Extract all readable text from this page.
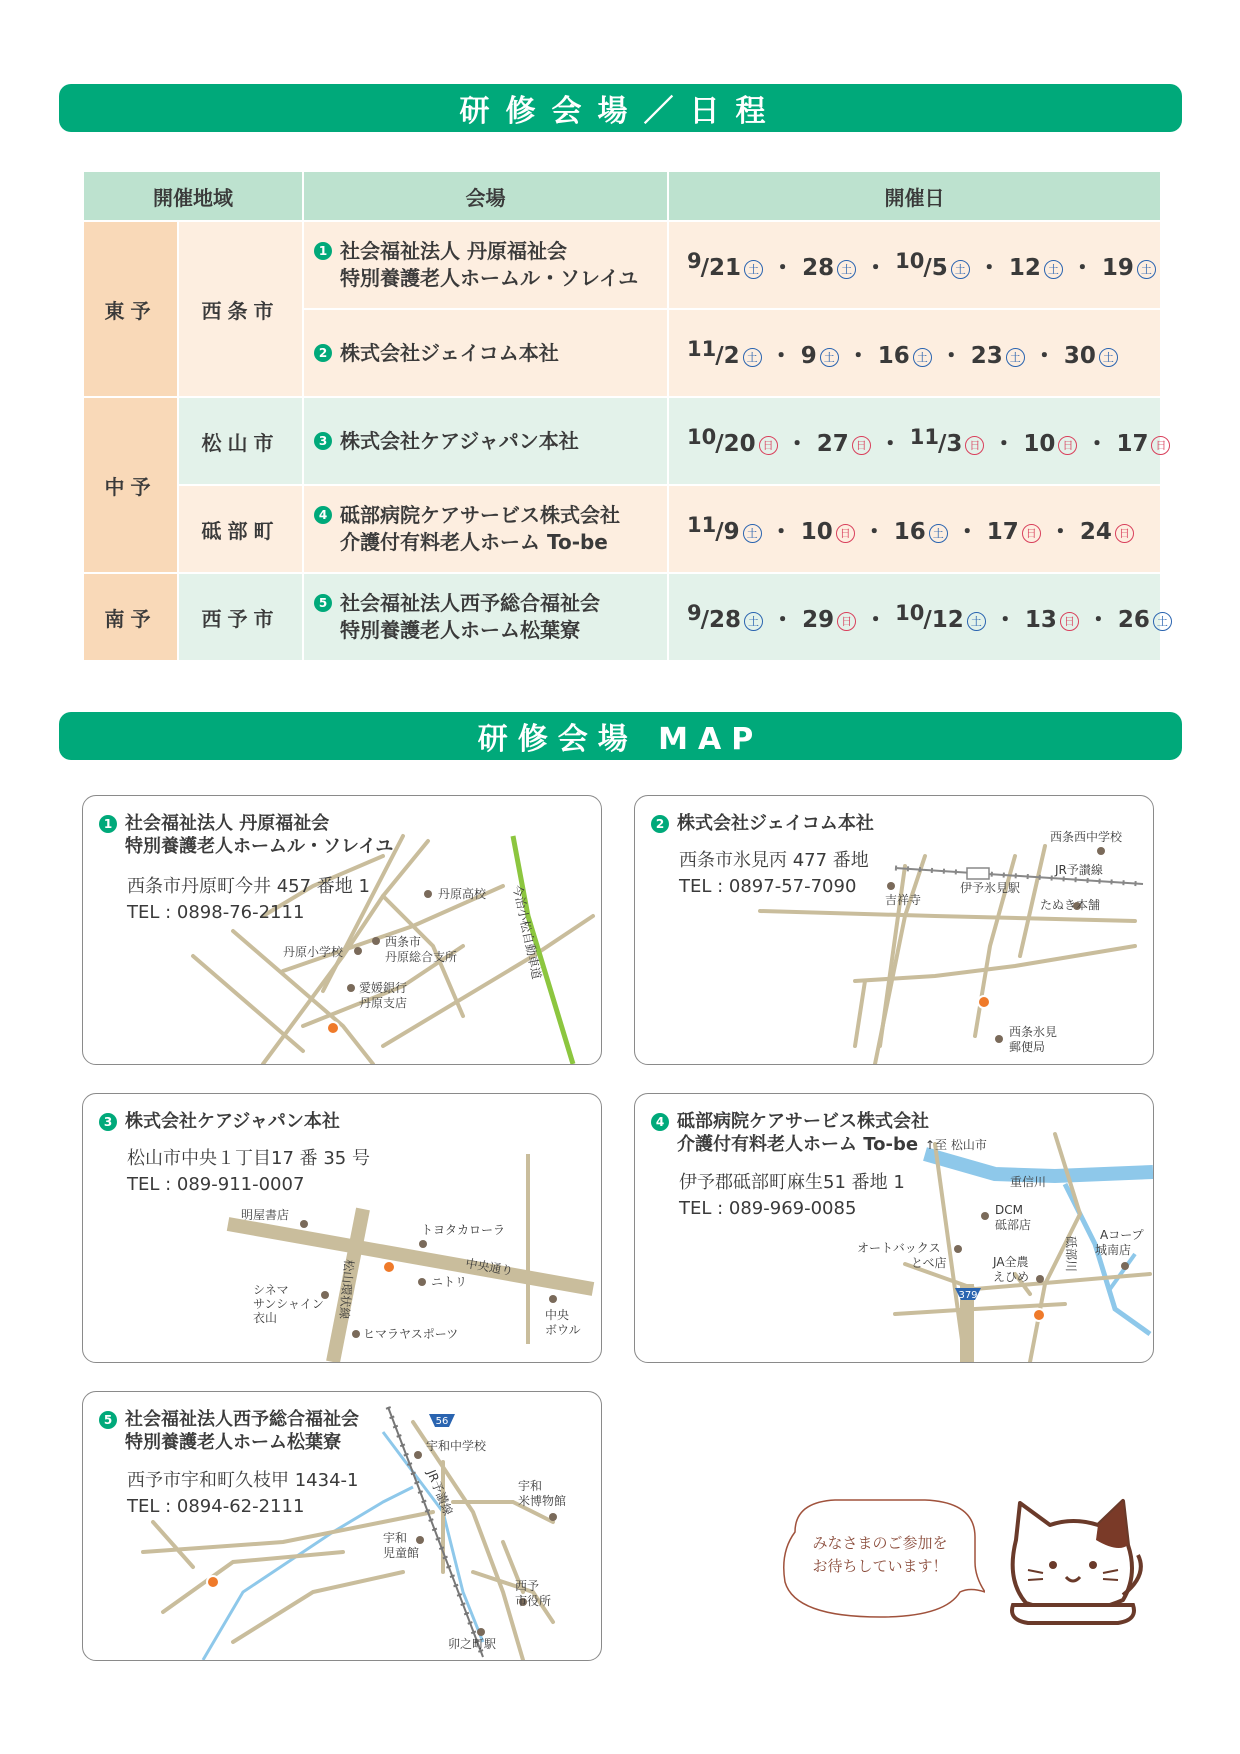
研修会場／日程
開催地域		会場	開催日
東予	西条市	1 社会福祉法人 丹原福祉会
特別養護老人ホームル・ソレイユ	$^9$/21 土 ・ 28 土 ・ $^{10}$/5 土 ・ 12 土 ・ 19 土
		2 株式会社ジェイコム本社	$^{11}$/2 土 ・ 9 土 ・ 16 土 ・ 23 土 ・ 30 土
中予	松山市	3 株式会社ケアジャパン本社	$^{10}$/20 日 ・ 27 日 ・ $^{11}$/3 日 ・ 10 日 ・ 17 日
	砥部町	4 砥部病院ケアサービス株式会社
介護付有料老人ホーム To-be	$^{11}$/9 土 ・ 10 日 ・ 16 土 ・ 17 日 ・ 24 日
南予	西予市	5 社会福祉法人西予総合福祉会
特別養護老人ホーム松葉寮	$^9$/28 土 ・ 29 日 ・ $^{10}$/12 土 ・ 13 日 ・ 26 土
研修会場 MAP
丹原高校
丹原小学校
西条市
丹原総合支所
愛媛銀行
丹原支店
今治小松自動車道
1 社会福祉法人 丹原福祉会
特別養護老人ホームル・ソレイユ
西条市丹原町今井 457 番地 1
TEL : 0898-76-2111
西条西中学校
JR予讃線
吉祥寺
伊予氷見駅
たぬき本舗
西条氷見
郵便局
2 株式会社ジェイコム本社
西条市氷見丙 477 番地
TEL : 0897-57-7090
明屋書店
トヨタカローラ
中央通り
ニトリ
シネマ
サンシャイン
衣山
ヒマラヤスポーツ
中央
ボウル
松山環状線
3 株式会社ケアジャパン本社
松山市中央１丁目17 番 35 号
TEL : 089-911-0007
379
↑至 松山市
重信川
DCM
砥部店
オートバックス
とべ店	JA全農
えひめ
Aコープ
城南店
砥部川
4 砥部病院ケアサービス株式会社
介護付有料老人ホーム To-be
伊予郡砥部町麻生51 番地 1
TEL : 089-969-0085
56
宇和中学校
宇和
米博物館
宇和
児童館
JR予讃線
西予
市役所
卯之町駅
5 社会福祉法人西予総合福祉会
特別養護老人ホーム松葉寮
西予市宇和町久枝甲 1434-1
TEL : 0894-62-2111
みなさまのご参加を
お待ちしています！
